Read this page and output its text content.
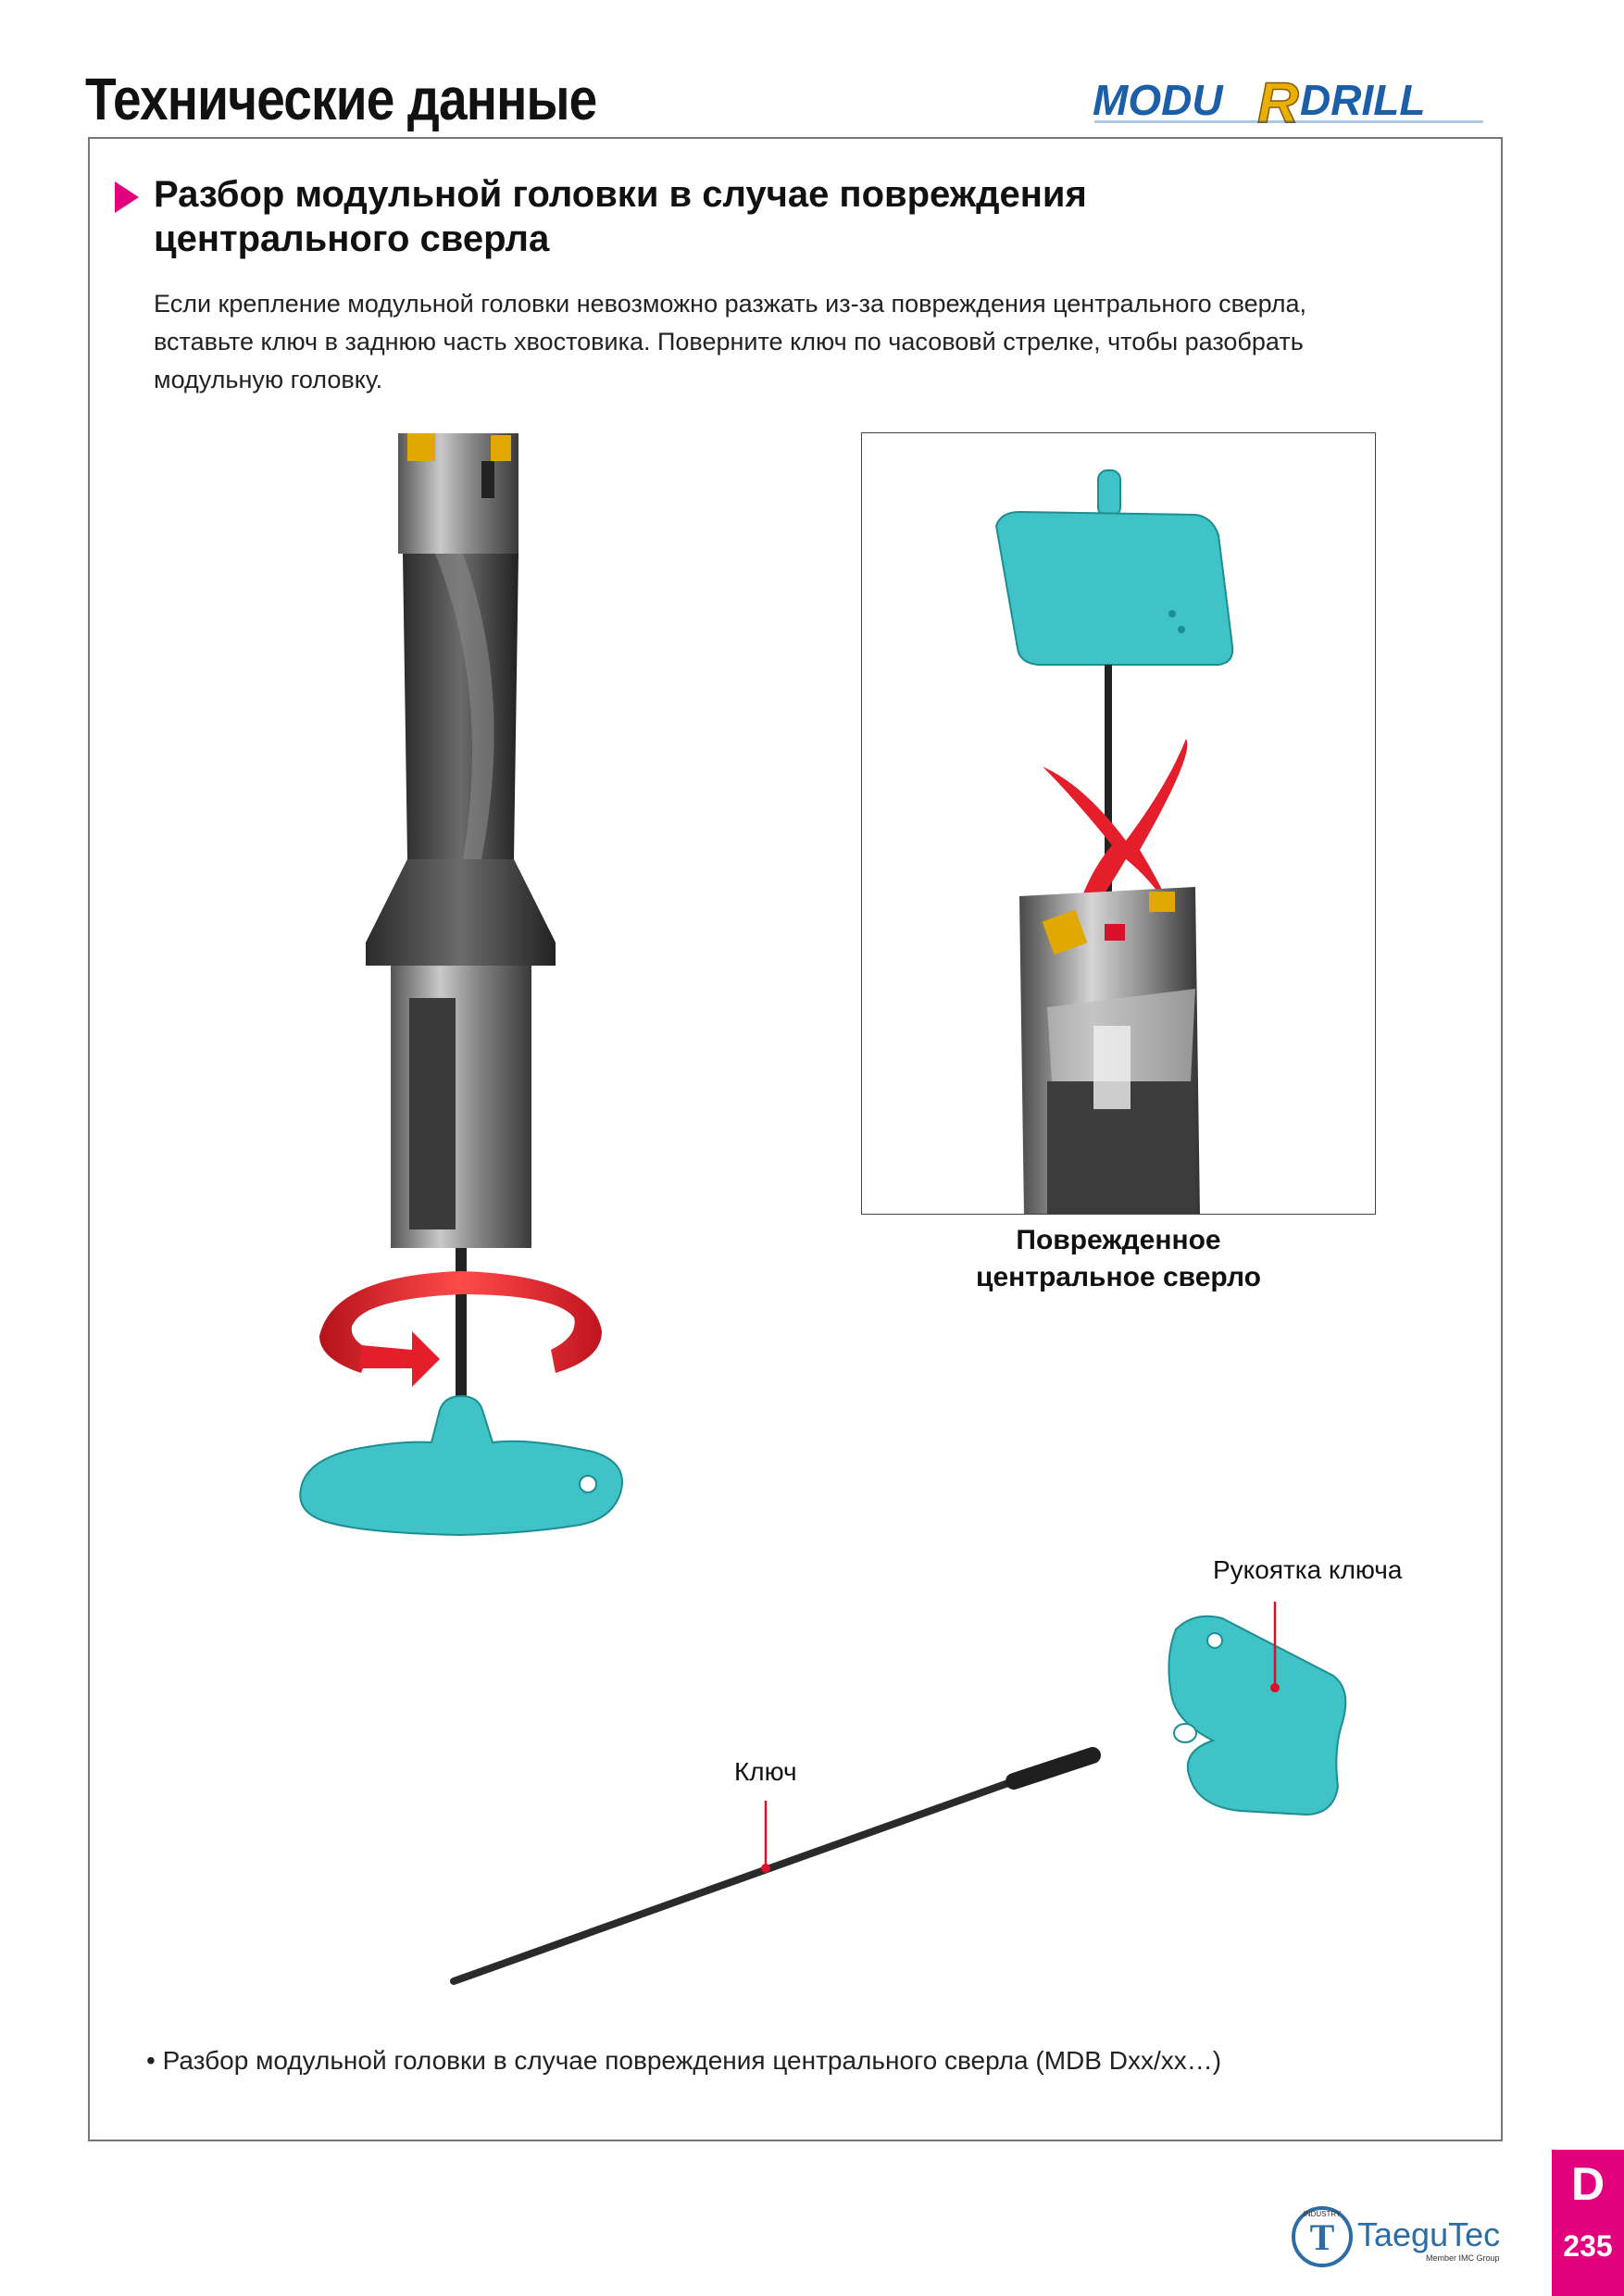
Технические данные	MODU R DRILL
Разбор модульной головки в случае повреждения
центрального сверла
Если крепление модульной головки невозможно разжать из-за повреждения центрального сверла,
вставьте ключ в заднюю часть хвостовика. Поверните ключ по часововй стрелке, чтобы разобрать
модульную головку.
Поврежденное
центральное сверло
Рукоятка ключа
Ключ
• Разбор модульной головки в случае повреждения центрального сверла (MDB Dxx/xx…)
T
INDUSTRY
TaeguTec
Member IMC Group
D
235
